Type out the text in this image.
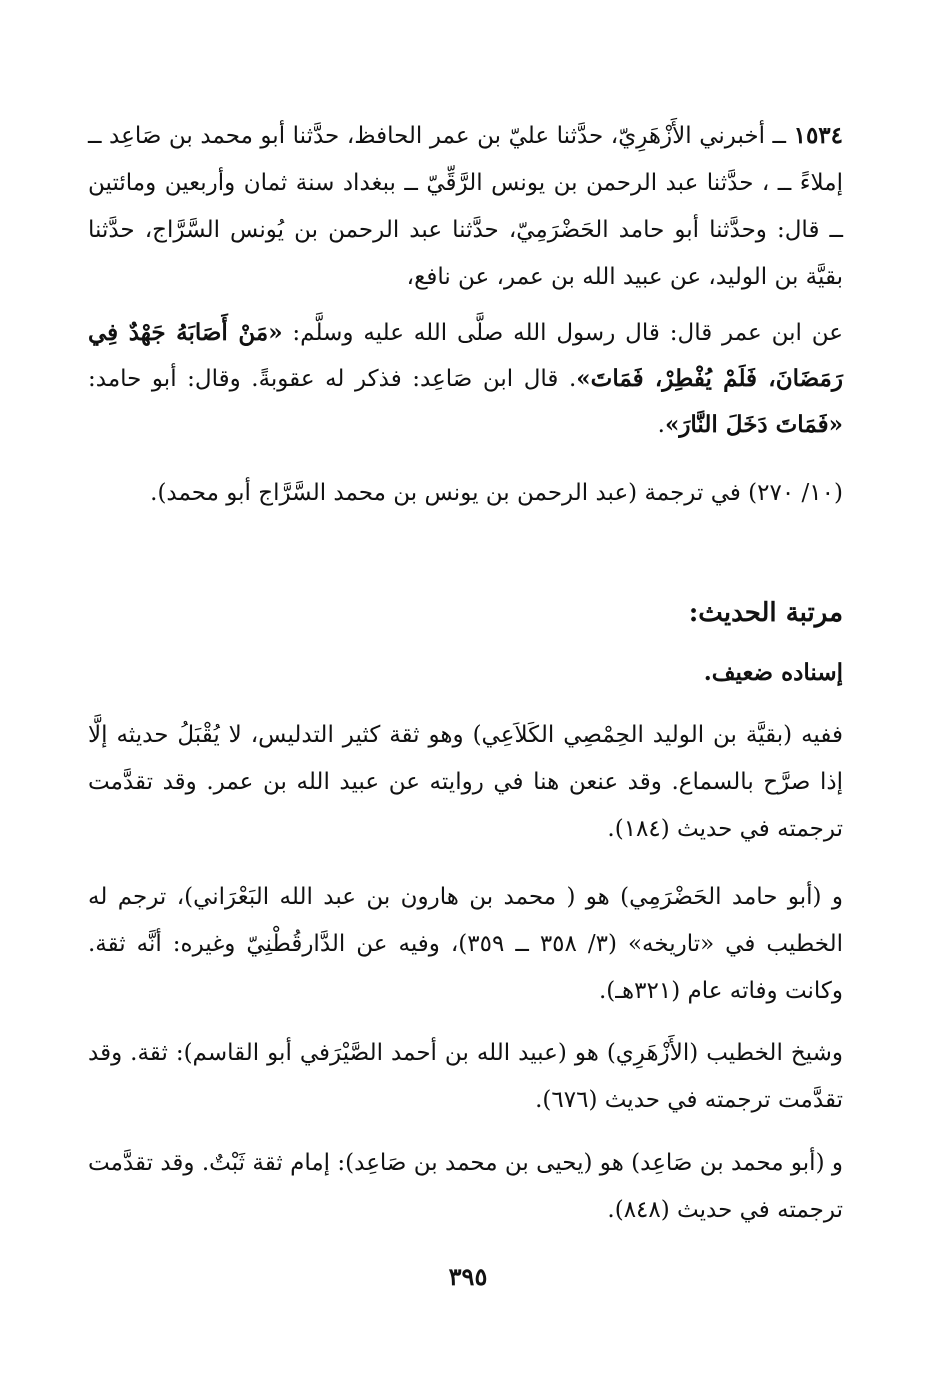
١٥٣٤ ــ أخبرني الأَزْهَرِيّ، حدَّثنا عليّ بن عمر الحافظ، حدَّثنا أبو محمد بن صَاعِد ــ إملاءً ــ ، حدَّثنا عبد الرحمن بن يونس الرَّقِّيّ ــ ببغداد سنة ثمان وأربعين ومائتين ــ قال: وحدَّثنا أبو حامد الحَضْرَمِيّ، حدَّثنا عبد الرحمن بن يُونس السَّرَّاج، حدَّثنا بقيَّة بن الوليد، عن عبيد الله بن عمر، عن نافع،

عن ابن عمر قال: قال رسول الله صلَّى الله عليه وسلَّم: «مَنْ أَصَابَهُ جَهْدٌ فِي رَمَضَانَ، فَلَمْ يُفْطِرْ، فَمَاتَ». قال ابن صَاعِد: فذكر له عقوبةً. وقال: أبو حامد: «فَمَاتَ دَخَلَ النَّارَ».

(١٠/ ٢٧٠) في ترجمة (عبد الرحمن بن يونس بن محمد السَّرَّاج أبو محمد).

مرتبة الحديث:
إسناده ضعيف.

ففيه (بقيَّة بن الوليد الحِمْصِي الكَلاَعِي) وهو ثقة كثير التدليس، لا يُقْبَلُ حديثه إلَّا إذا صرَّح بالسماع. وقد عنعن هنا في روايته عن عبيد الله بن عمر. وقد تقدَّمت ترجمته في حديث (١٨٤).

و (أبو حامد الحَضْرَمِي) هو ( محمد بن هارون بن عبد الله البَعْرَاني)، ترجم له الخطيب في «تاريخه» (٣/ ٣٥٨ ــ ٣٥٩)، وفيه عن الدَّارقُطْنِيّ وغيره: أنَّه ثقة. وكانت وفاته عام (٣٢١هـ).

وشيخ الخطيب (الأَزْهَرِي) هو (عبيد الله بن أحمد الصَّيْرَفي أبو القاسم): ثقة. وقد تقدَّمت ترجمته في حديث (٦٧٦).

و (أبو محمد بن صَاعِد) هو (يحيى بن محمد بن صَاعِد): إمام ثقة ثَبْتٌ. وقد تقدَّمت ترجمته في حديث (٨٤٨).

٣٩٥
